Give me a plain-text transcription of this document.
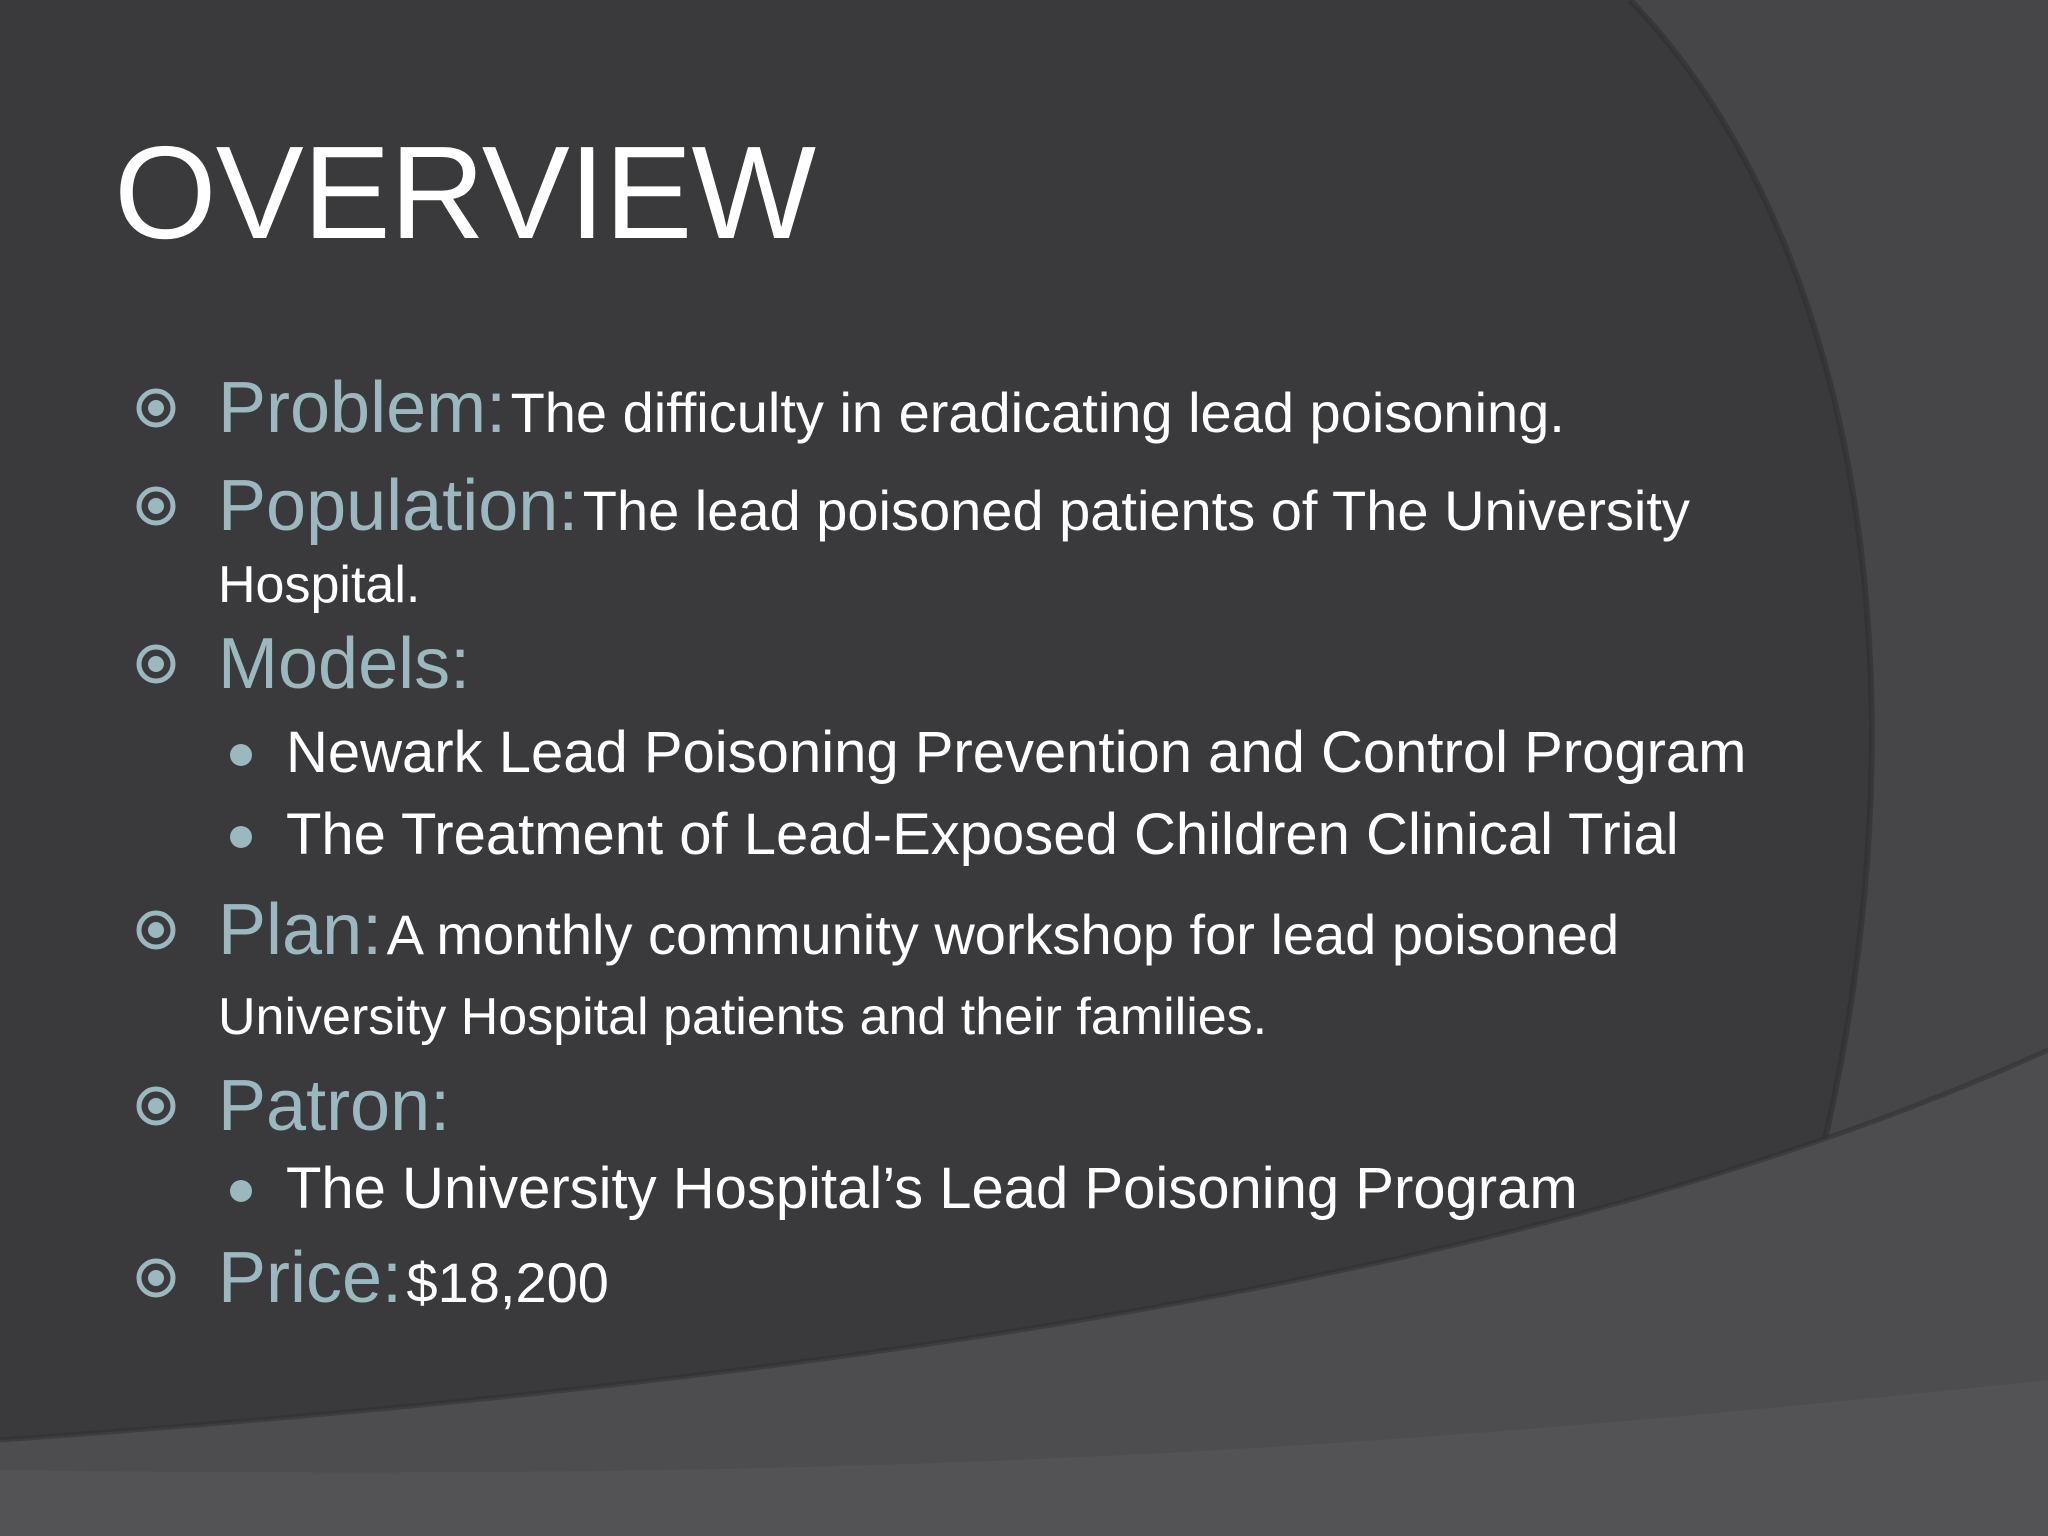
OVERVIEW

Problem: The difficulty in eradicating lead poisoning.

Population: The lead poisoned patients of The University
Hospital.

Models:

Newark Lead Poisoning Prevention and Control Program

The Treatment of Lead-Exposed Children Clinical Trial

Plan: A monthly community workshop for lead poisoned
University Hospital patients and their families.

Patron:

The University Hospital’s Lead Poisoning Program

Price: $18,200
